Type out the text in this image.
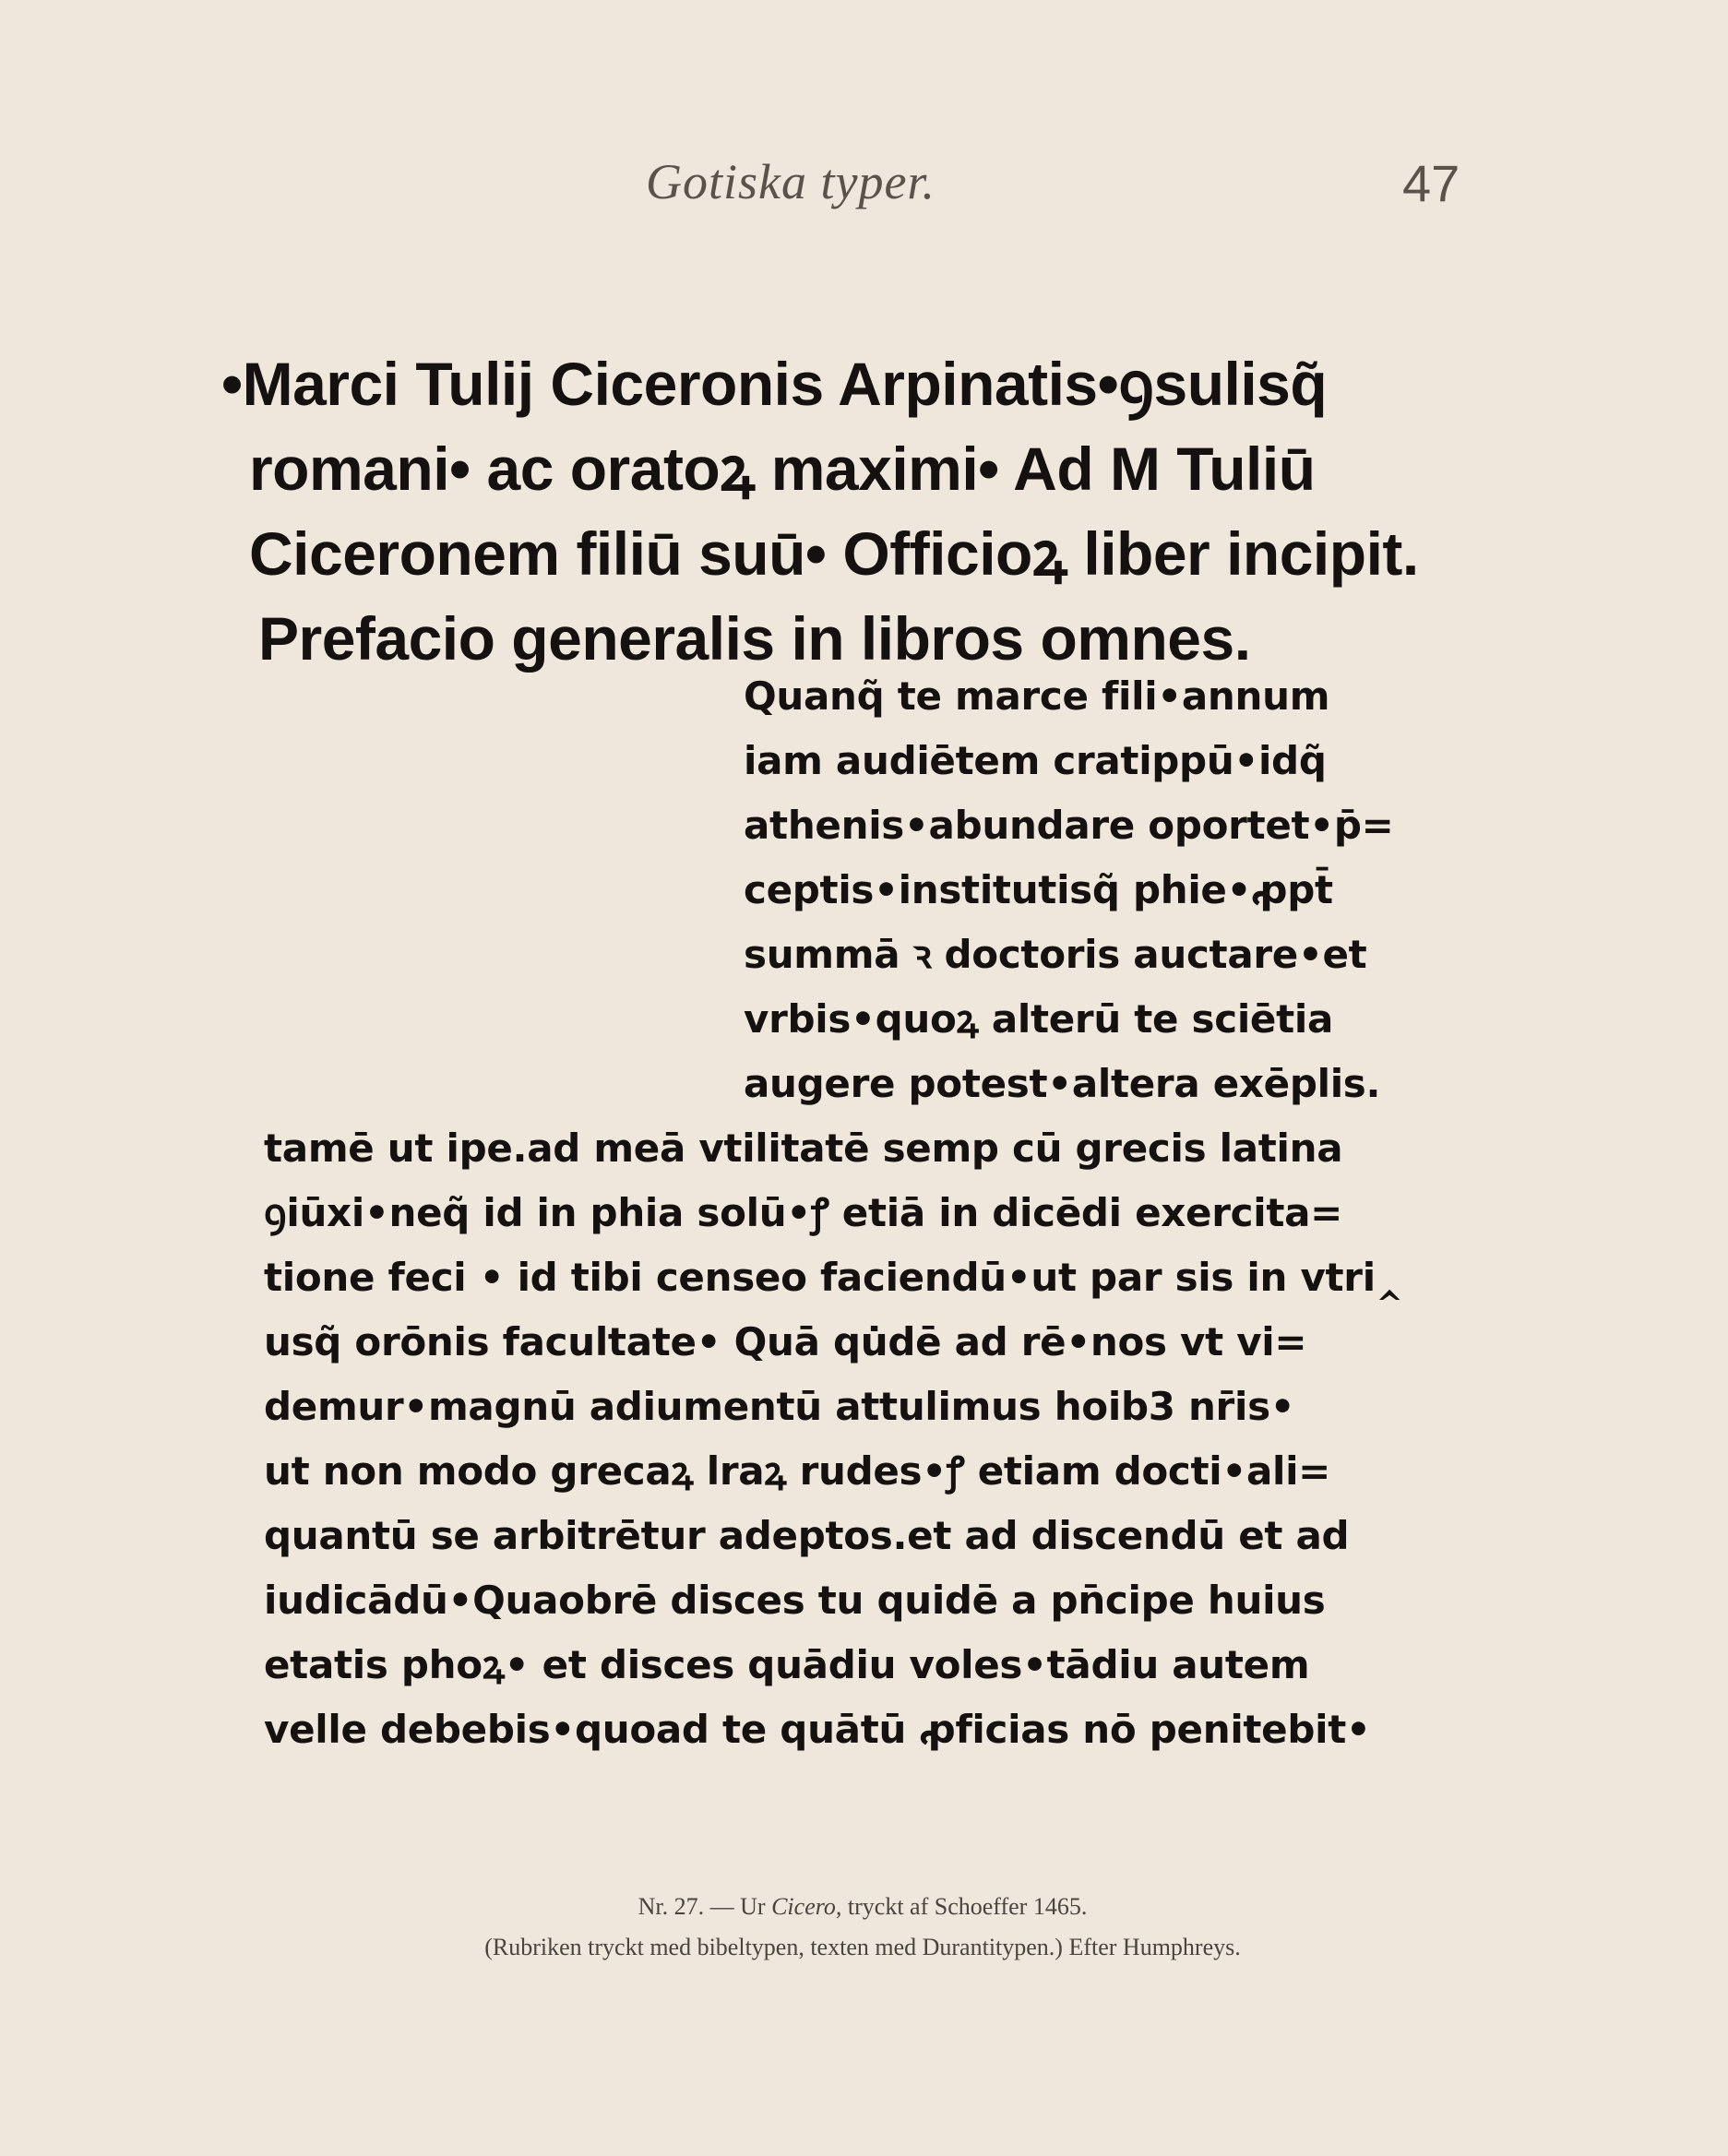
Gotiska typer.	47
•Marci Tulij Ciceronis Arpinatis•ꝯsulisq̃
romani• ac oratoꝝ maximi• Ad M Tuliū
Ciceronem filiū suū• Officioꝝ liber incipit.
Prefacio generalis in libros omnes.
Quanq̃ te marce fili•annum
iam audiētem cratippū•idq̃
athenis•abundare oportet•p̄=
ceptis•institutisq̃ phie•ꝓpt̄
summā ꝛ doctoris auctare•et
vrbis•quoꝝ alterū te sciētia
augere potest•altera exēplis.
tamē ut ipe.ad meā vtilitatē semp cū grecis latina
ꝯiūxi•neq̃ id in phia solū•ꝭ etiā in dicēdi exercita=
tione feci • id tibi censeo faciendū•ut par sis in vtri‸
usq̃ orōnis facultate• Quā qu̇dē ad rē•nos vt vi=
demur•magnū adiumentū attulimus hoib3 nr̄is•
ut non modo grecaꝝ lraꝝ rudes•ꝭ etiam docti•ali=
quantū se arbitrētur adeptos.et ad discendū et ad
iudicādū•Quaobrē disces tu quidē a pn̄cipe huius
etatis phoꝝ• et disces quādiu voles•tādiu autem
velle debebis•quoad te quātū ꝓficias nō penitebit•
Nr. 27. — Ur Cicero, tryckt af Schoeffer 1465.
(Rubriken tryckt med bibeltypen, texten med Durantitypen.) Efter Humphreys.
